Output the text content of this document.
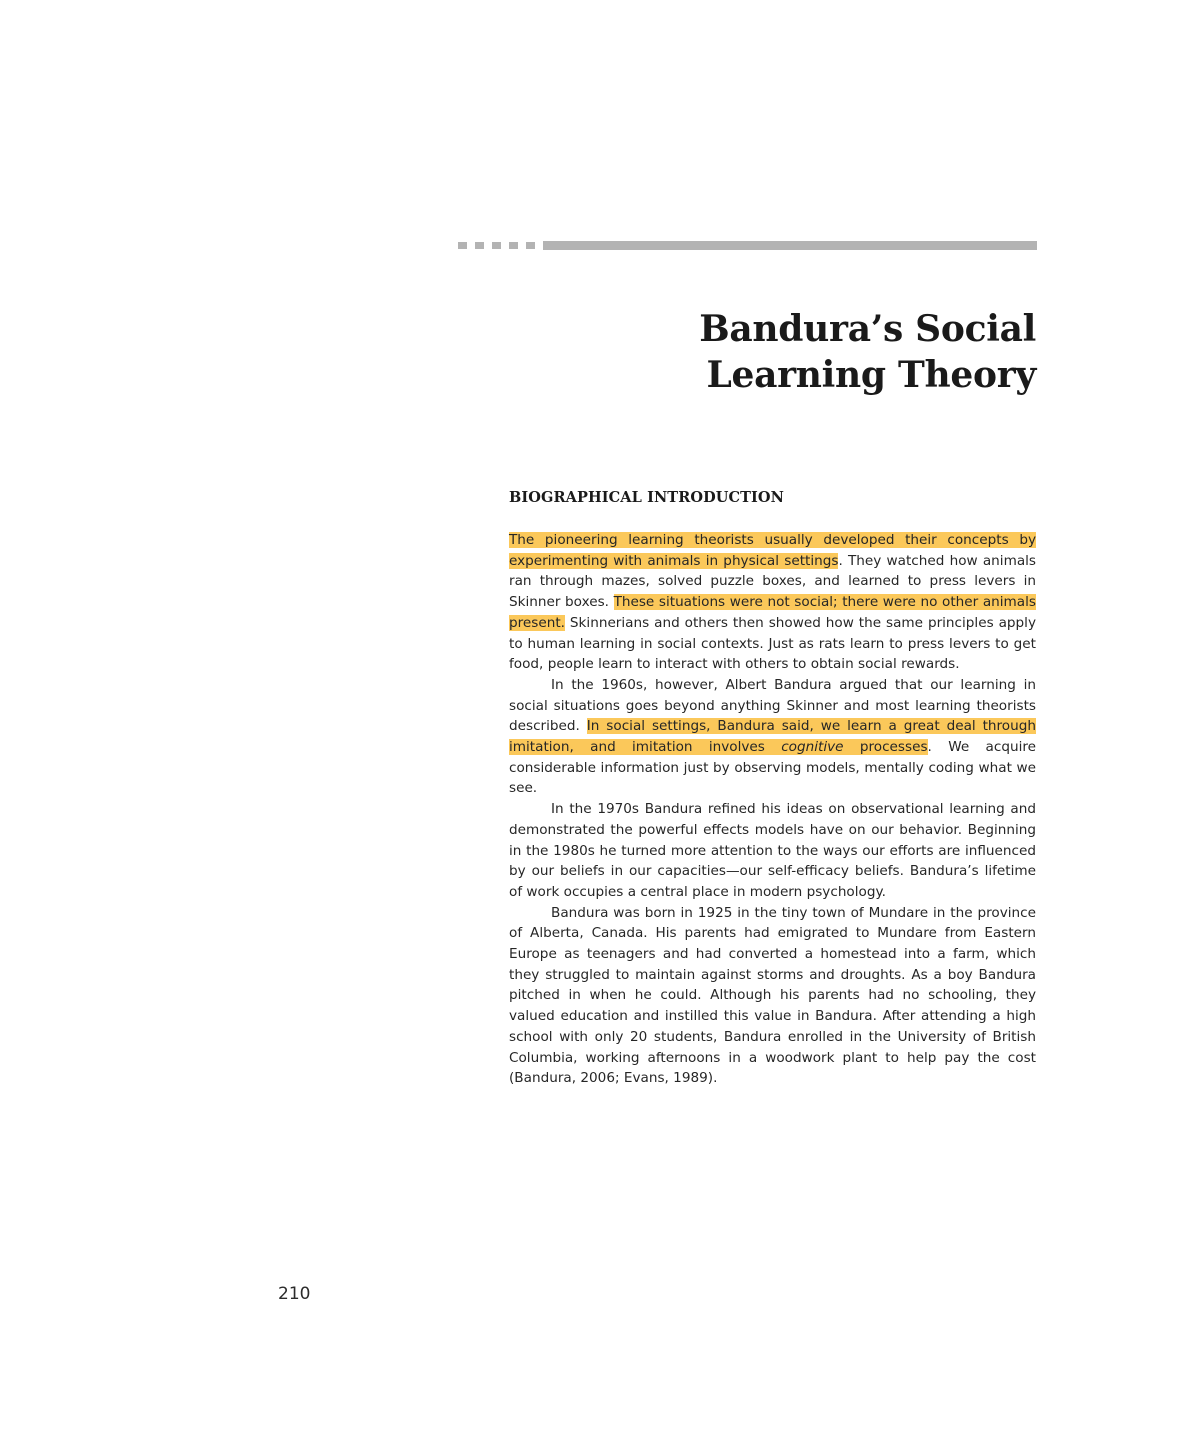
Bandura’s Social
Learning Theory
BIOGRAPHICAL INTRODUCTION

The pioneering learning theorists usually developed their concepts by experimenting with animals in physical settings. They watched how animals ran through mazes, solved puzzle boxes, and learned to press levers in Skinner boxes. These situations were not social; there were no other animals present. Skinnerians and others then showed how the same principles apply to human learning in social contexts. Just as rats learn to press levers to get food, people learn to interact with others to obtain social rewards.

In the 1960s, however, Albert Bandura argued that our learning in social situations goes beyond anything Skinner and most learning theorists described. In social settings, Bandura said, we learn a great deal through imitation, and imitation involves cognitive processes. We acquire considerable information just by observing models, mentally coding what we see.

In the 1970s Bandura refined his ideas on observational learning and demonstrated the powerful effects models have on our behavior. Beginning in the 1980s he turned more attention to the ways our efforts are influenced by our beliefs in our capacities—our self-efficacy beliefs. Bandura’s lifetime of work occupies a central place in modern psychology.

Bandura was born in 1925 in the tiny town of Mundare in the province of Alberta, Canada. His parents had emigrated to Mundare from Eastern Europe as teenagers and had converted a homestead into a farm, which they struggled to maintain against storms and droughts. As a boy Bandura pitched in when he could. Although his parents had no schooling, they valued education and instilled this value in Bandura. After attending a high school with only 20 students, Bandura enrolled in the University of British Columbia, working afternoons in a woodwork plant to help pay the cost (Bandura, 2006; Evans, 1989).

210
